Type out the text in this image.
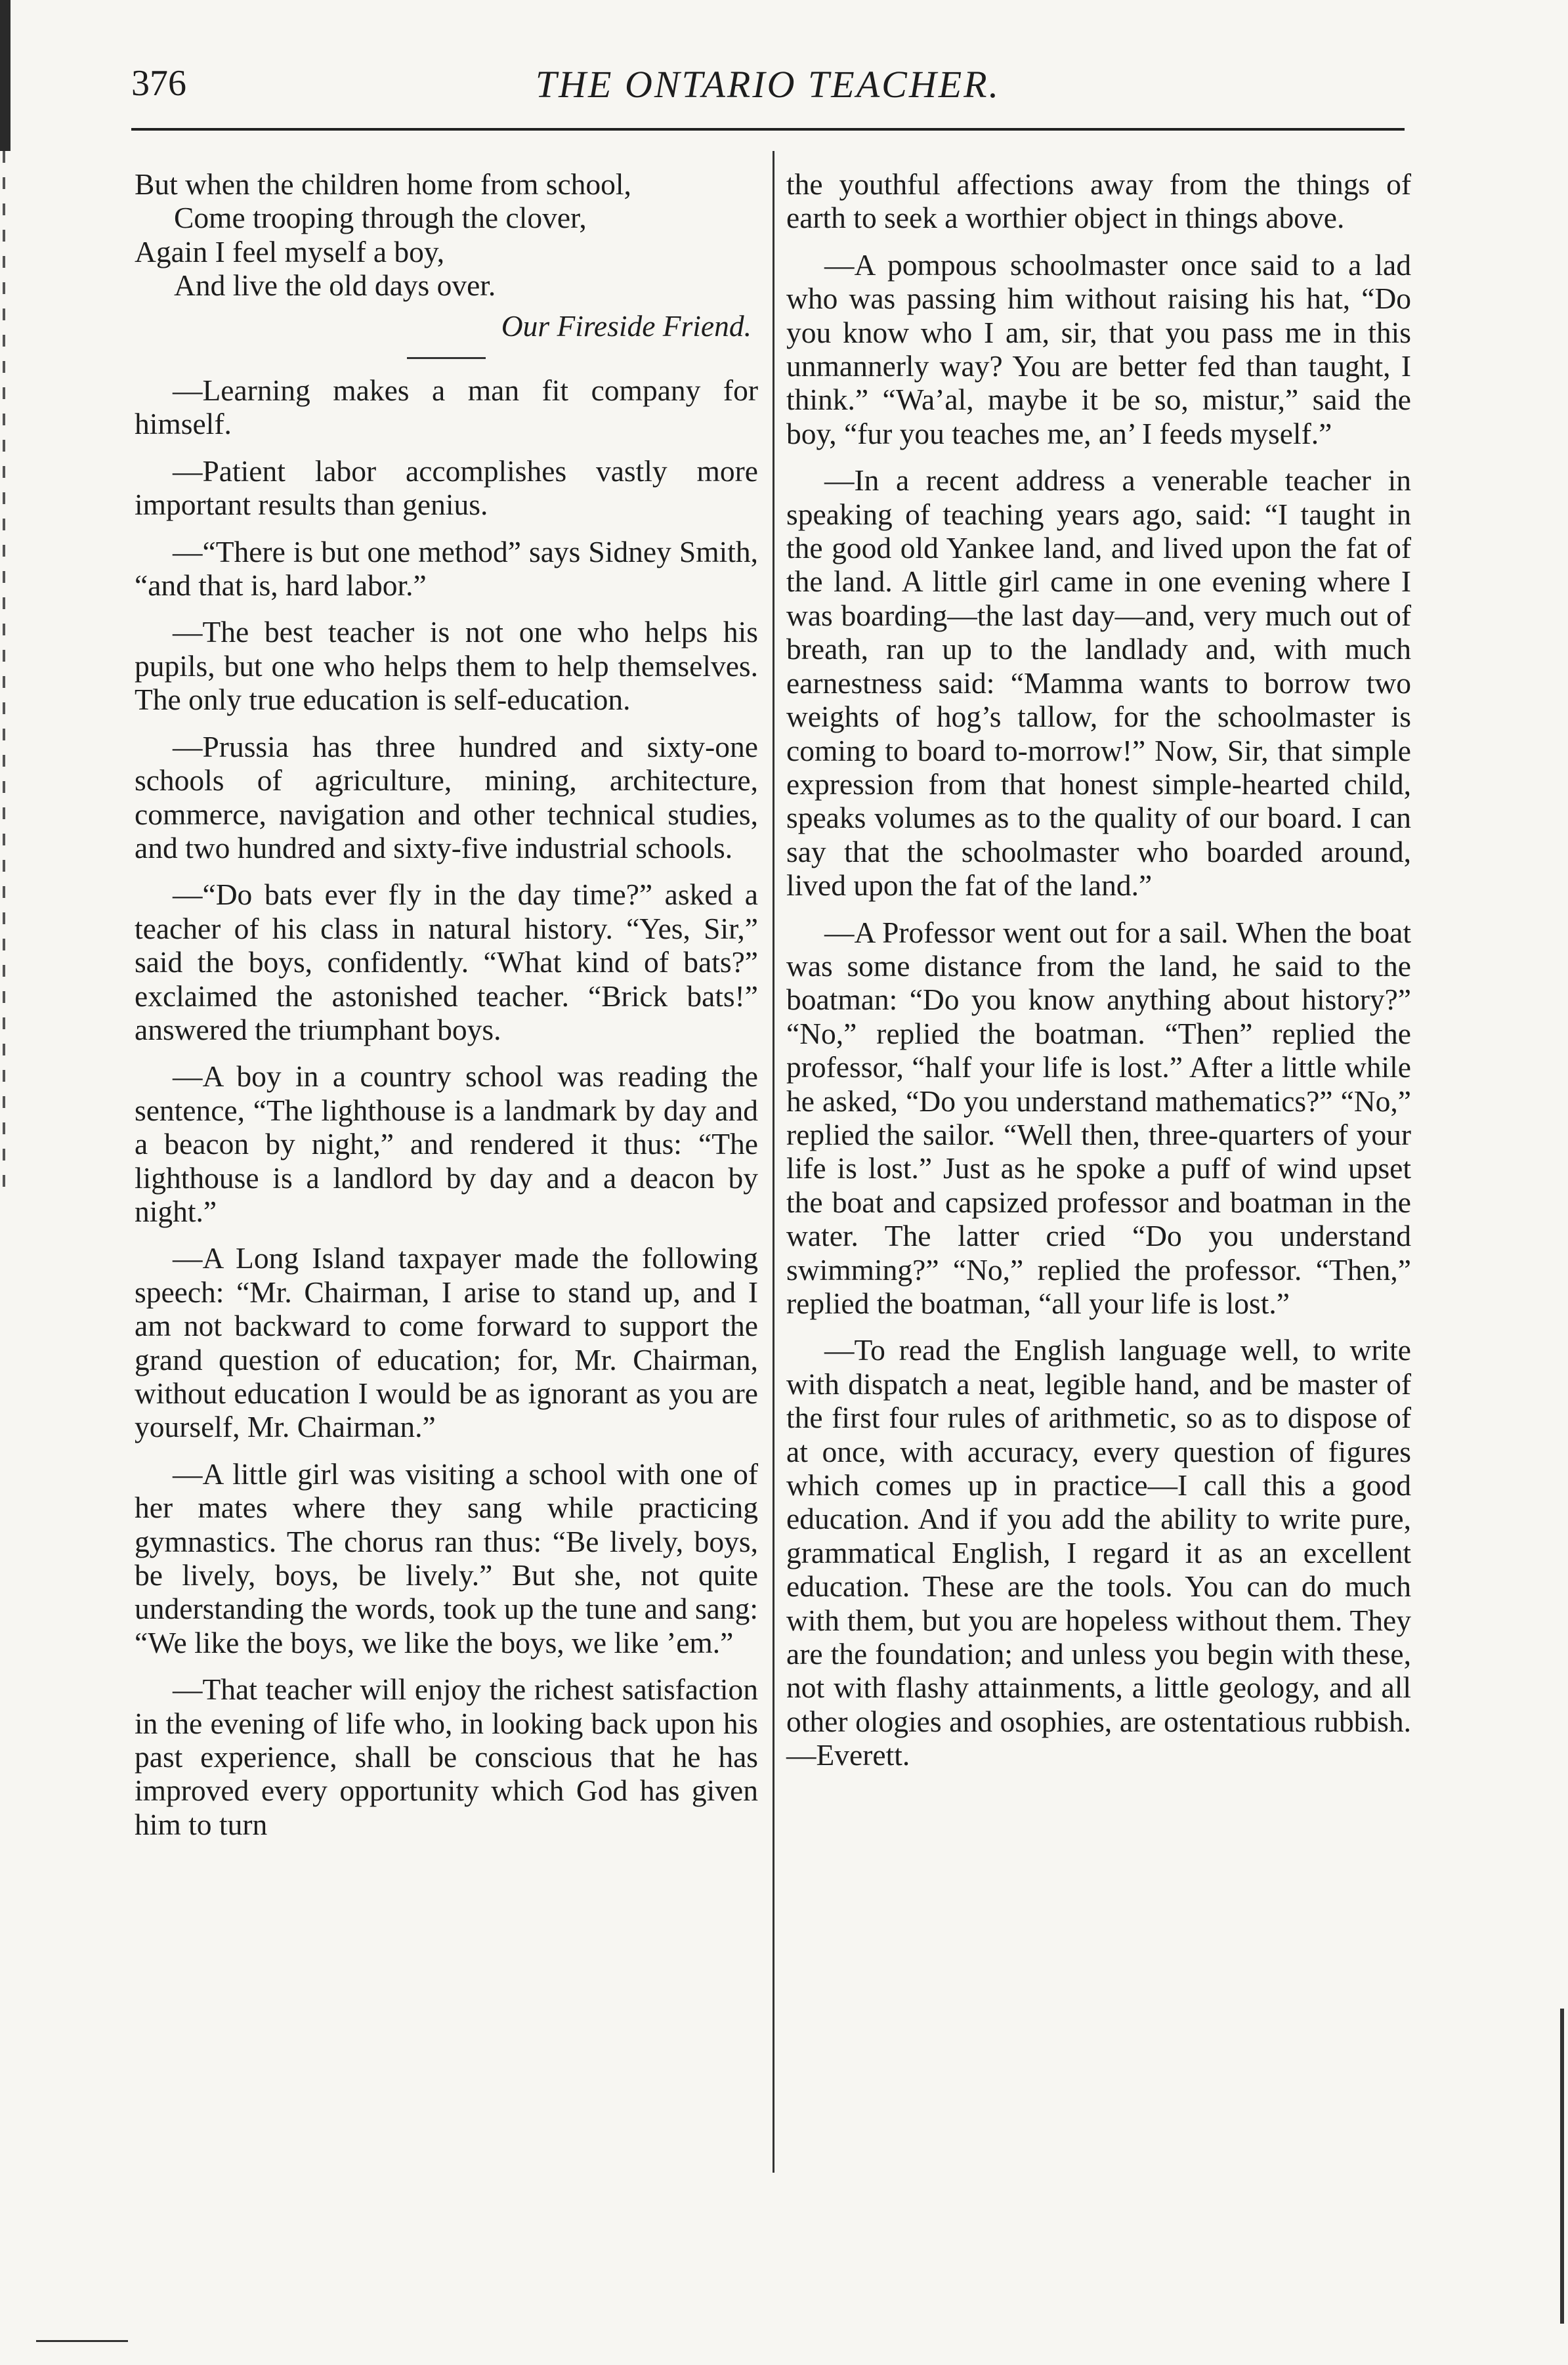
376	THE ONTARIO TEACHER.
But when the children home from school,
Come trooping through the clover,
Again I feel myself a boy,
And live the old days over.
Our Fireside Friend.

—Learning makes a man fit company for himself.

—Patient labor accomplishes vastly more important results than genius.

—“There is but one method” says Sidney Smith, “and that is, hard labor.”

—The best teacher is not one who helps his pupils, but one who helps them to help themselves. The only true education is self-education.

—Prussia has three hundred and sixty-one schools of agriculture, mining, architecture, commerce, navigation and other technical studies, and two hundred and sixty-five industrial schools.

—“Do bats ever fly in the day time?” asked a teacher of his class in natural history. “Yes, Sir,” said the boys, confidently. “What kind of bats?” exclaimed the astonished teacher. “Brick bats!” answered the triumphant boys.

—A boy in a country school was reading the sentence, “The lighthouse is a landmark by day and a beacon by night,” and rendered it thus: “The lighthouse is a landlord by day and a deacon by night.”

—A Long Island taxpayer made the following speech: “Mr. Chairman, I arise to stand up, and I am not backward to come forward to support the grand question of education; for, Mr. Chairman, without education I would be as ignorant as you are yourself, Mr. Chairman.”

—A little girl was visiting a school with one of her mates where they sang while practicing gymnastics. The chorus ran thus: “Be lively, boys, be lively, boys, be lively.” But she, not quite understanding the words, took up the tune and sang: “We like the boys, we like the boys, we like ’em.”

—That teacher will enjoy the richest satisfaction in the evening of life who, in looking back upon his past experience, shall be conscious that he has improved every opportunity which God has given him to turn

the youthful affections away from the things of earth to seek a worthier object in things above.

—A pompous schoolmaster once said to a lad who was passing him without raising his hat, “Do you know who I am, sir, that you pass me in this unmannerly way? You are better fed than taught, I think.” “Wa’al, maybe it be so, mistur,” said the boy, “fur you teaches me, an’ I feeds myself.”

—In a recent address a venerable teacher in speaking of teaching years ago, said: “I taught in the good old Yankee land, and lived upon the fat of the land. A little girl came in one evening where I was boarding—the last day—and, very much out of breath, ran up to the landlady and, with much earnestness said: “Mamma wants to borrow two weights of hog’s tallow, for the schoolmaster is coming to board to-morrow!” Now, Sir, that simple expression from that honest simple-hearted child, speaks volumes as to the quality of our board. I can say that the schoolmaster who boarded around, lived upon the fat of the land.”

—A Professor went out for a sail. When the boat was some distance from the land, he said to the boatman: “Do you know anything about history?” “No,” replied the boatman. “Then” replied the professor, “half your life is lost.” After a little while he asked, “Do you understand mathematics?” “No,” replied the sailor. “Well then, three-quarters of your life is lost.” Just as he spoke a puff of wind upset the boat and capsized professor and boatman in the water. The latter cried “Do you understand swimming?” “No,” replied the professor. “Then,” replied the boatman, “all your life is lost.”

—To read the English language well, to write with dispatch a neat, legible hand, and be master of the first four rules of arithmetic, so as to dispose of at once, with accuracy, every question of figures which comes up in practice—I call this a good education. And if you add the ability to write pure, grammatical English, I regard it as an excellent education. These are the tools. You can do much with them, but you are hopeless without them. They are the foundation; and unless you begin with these, not with flashy attainments, a little geology, and all other ologies and osophies, are ostentatious rubbish.—Everett.
